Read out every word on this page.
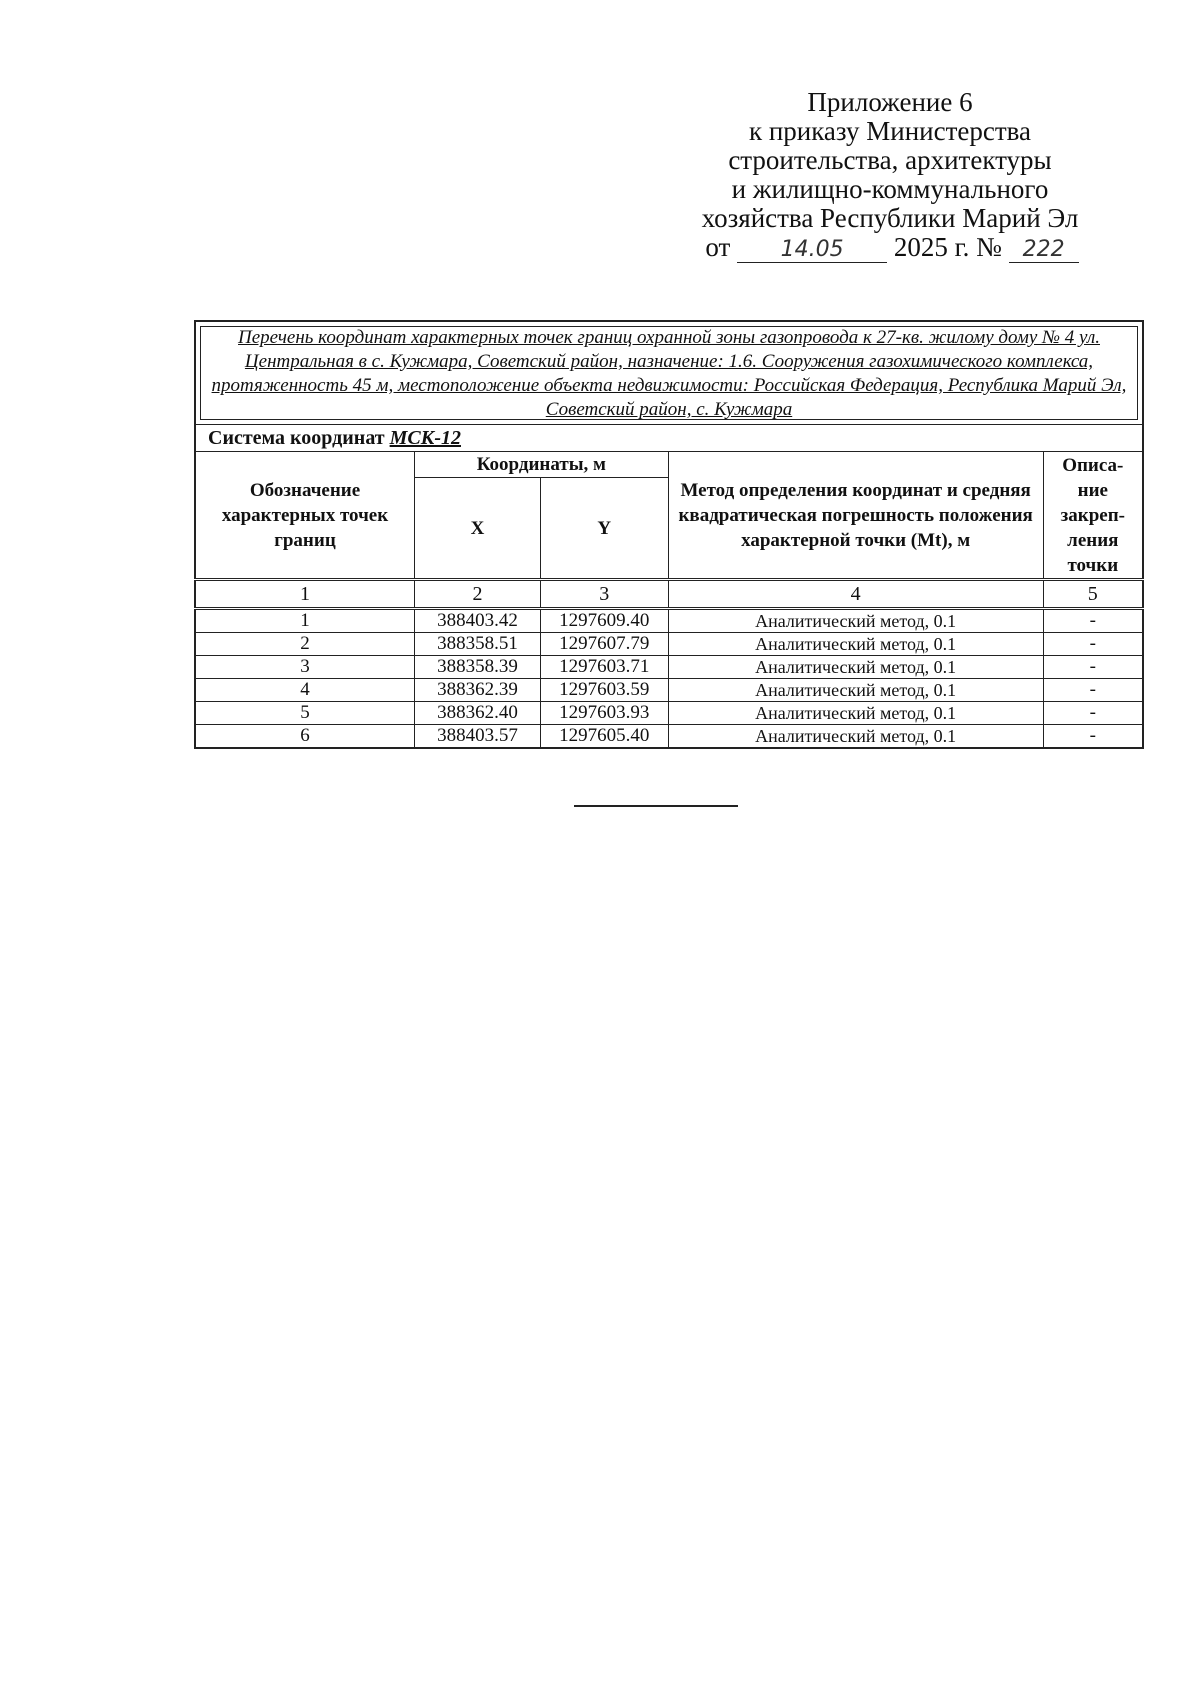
Приложение 6
к приказу Министерства
строительства, архитектуры
и жилищно-коммунального
хозяйства Республики Марий Эл
от 14.05 2025 г. № 222
Перечень координат характерных точек границ охранной зоны газопровода к 27-кв. жилому дому № 4 ул. Центральная в с. Кужмара, Советский район, назначение: 1.6. Сооружения газохимического комплекса, протяженность 45 м, местоположение объекта недвижимости: Российская Федерация, Республика Марий Эл, Советский район, с. Кужмара				
Система координат МСК-12				
Обозначение характерных точек границ	Координаты, м		Метод определения координат и средняя квадратическая погрешность положения характерной точки (Mt), м	Описа-ние закреп-ления точки
	X	Y		
1	2	3	4	5
1	388403.42	1297609.40	Аналитический метод, 0.1	-
2	388358.51	1297607.79	Аналитический метод, 0.1	-
3	388358.39	1297603.71	Аналитический метод, 0.1	-
4	388362.39	1297603.59	Аналитический метод, 0.1	-
5	388362.40	1297603.93	Аналитический метод, 0.1	-
6	388403.57	1297605.40	Аналитический метод, 0.1	-
